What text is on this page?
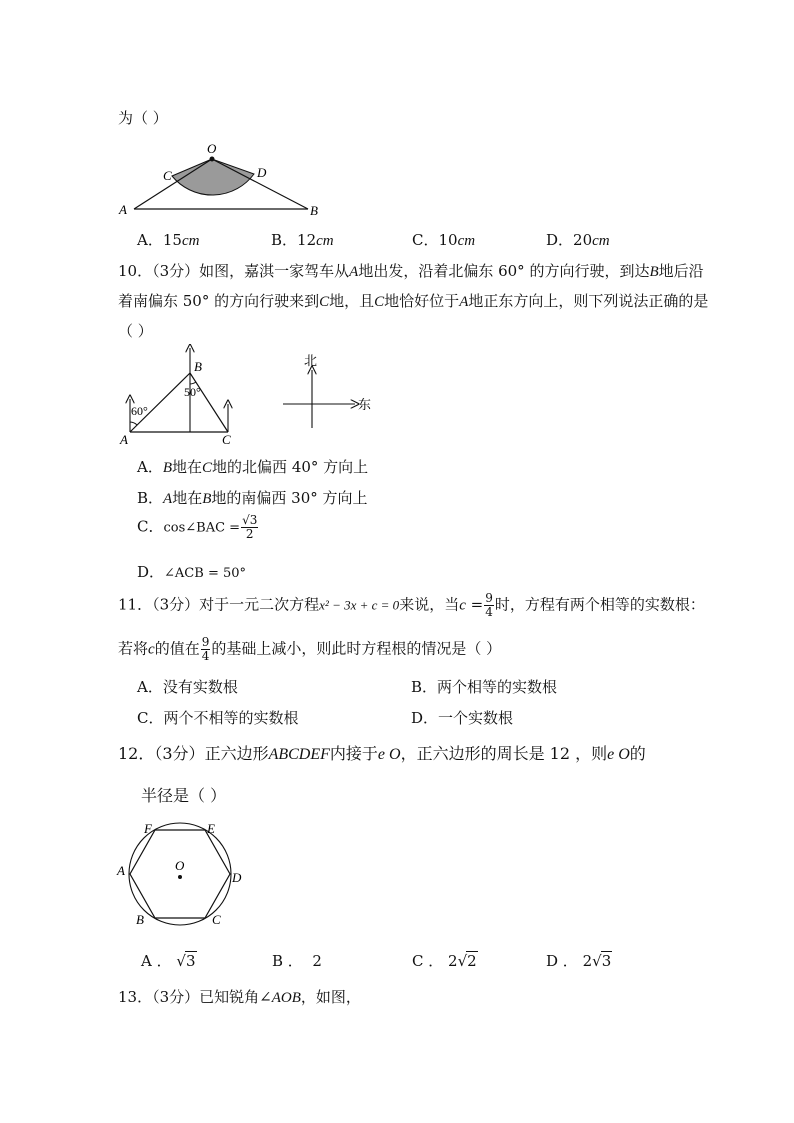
为（ ）
O
C	D
A	B
A．15cm	B．12cm	C．10cm	D．20cm
10．（3分）如图，嘉淇一家驾车从A地出发，沿着北偏东 60° 的方向行驶，到达B地后沿
着南偏东 50° 的方向行驶来到C地，且C地恰好位于A地正东方向上，则下列说法正确的是
（ ）
B
50°
60°
A	C
北
东
A．B地在C地的北偏西 40° 方向上
B．A地在B地的南偏西 30° 方向上
C．cos∠BAC = $\frac{√3}{2}$
D．∠ACB = 50°
11．（3分）对于一元二次方程x² − 3x + c = 0来说，当$c = \frac{9}{4}$ 时，方程有两个相等的实数根：
若将c的值在 $\frac{9}{4}$ 的基础上减小，则此时方程根的情况是（ ）
A．没有实数根	B．两个相等的实数根
C．两个不相等的实数根	D．一个实数根
12．（3分）正六边形ABCDEF内接于e O，正六边形的周长是 12 ，则e O的
半径是（ ）
O
F	E
A	D
B	C
A ． √3	B ． 2	C ． 2√2	D ． 2√3
13．（3分）已知锐角∠AOB，如图，
